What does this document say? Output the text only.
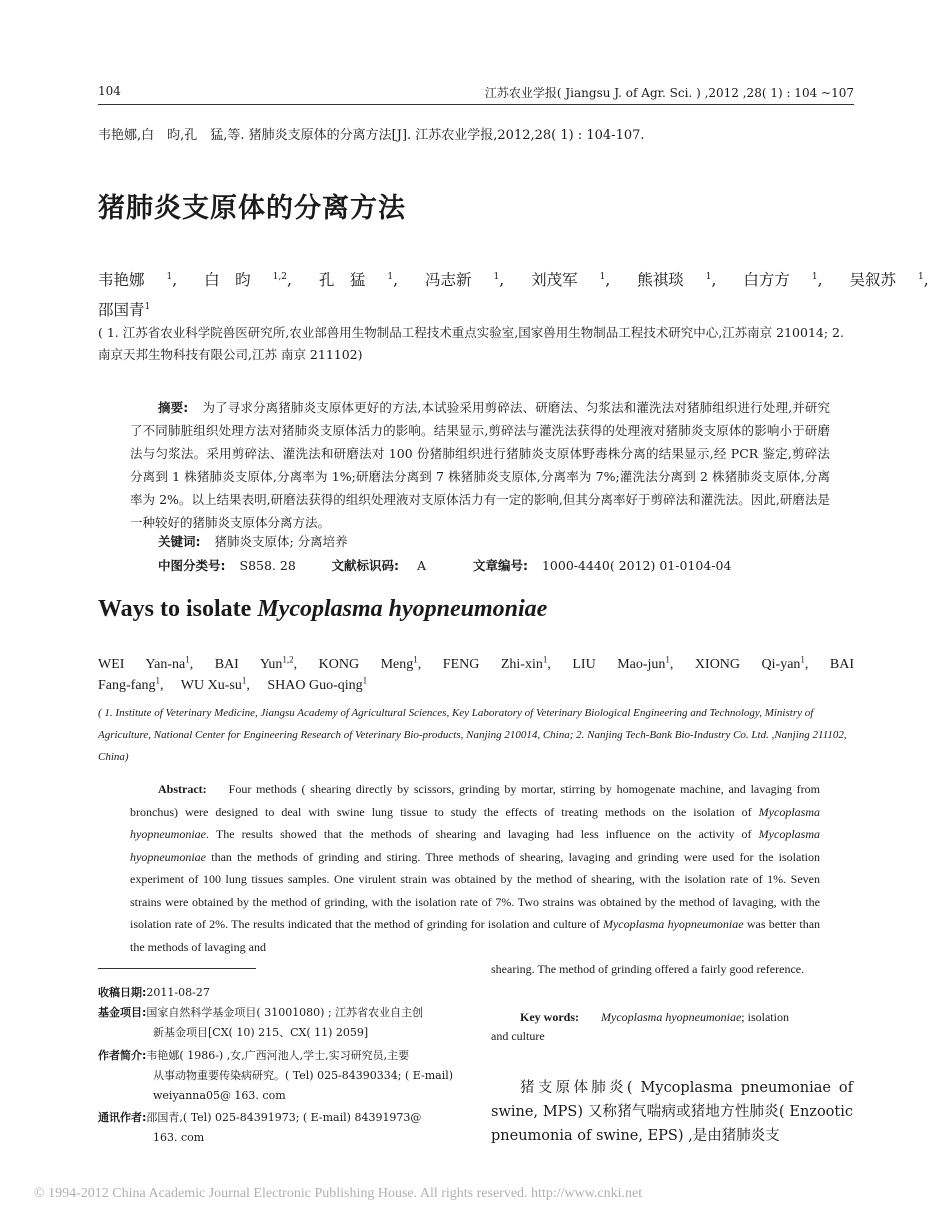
104	江苏农业学报( Jiangsu J. of Agr. Sci. ) ,2012 ,28( 1) : 104 ~107
韦艳娜,白　昀,孔　猛,等. 猪肺炎支原体的分离方法[J]. 江苏农业学报,2012,28( 1) : 104-107.
猪肺炎支原体的分离方法
韦艳娜 $^1$, 白　昀 $^{1,2}$, 孔　猛 $^1$, 冯志新 $^1$, 刘茂军 $^1$, 熊祺琰 $^1$, 白方方 $^1$, 吴叙苏 $^1$,
邵国青$^1$
( 1. 江苏省农业科学院兽医研究所,农业部兽用生物制品工程技术重点实验室,国家兽用生物制品工程技术研究中心,江苏南京 210014; 2. 南京天邦生物科技有限公司,江苏 南京 211102)
摘要: 为了寻求分离猪肺炎支原体更好的方法,本试验采用剪碎法、研磨法、匀浆法和灌洗法对猪肺组织进行处理,并研究了不同肺脏组织处理方法对猪肺炎支原体活力的影响。结果显示,剪碎法与灌洗法获得的处理液对猪肺炎支原体的影响小于研磨法与匀浆法。采用剪碎法、灌洗法和研磨法对 100 份猪肺组织进行猪肺炎支原体野毒株分离的结果显示,经 PCR 鉴定,剪碎法分离到 1 株猪肺炎支原体,分离率为 1%;研磨法分离到 7 株猪肺炎支原体,分离率为 7%;灌洗法分离到 2 株猪肺炎支原体,分离率为 2%。以上结果表明,研磨法获得的组织处理液对支原体活力有一定的影响,但其分离率好于剪碎法和灌洗法。因此,研磨法是一种较好的猪肺炎支原体分离方法。
关键词: 猪肺炎支原体; 分离培养
中图分类号: S858. 28	文献标识码: A	文章编号: 1000-4440( 2012) 01-0104-04
Ways to isolate Mycoplasma hyopneumoniae
WEI Yan-$na^1$, BAI Yun$^{1,2}$, KONG Meng$^1$, FENG Zhi-xin$^1$, LIU Mao-jun$^1$, XIONG Qi-yan$^1$, BAI
Fang-fang$^1$,     WU $Xu-su^1$,     SHAO Guo-qing$^1$
( 1. Institute of Veterinary Medicine, Jiangsu Academy of Agricultural Sciences, Key Laboratory of Veterinary Biological Engineering and Technology, Ministry of Agriculture, National Center for Engineering Research of Veterinary Bio-products, Nanjing 210014, China; 2. Nanjing Tech-Bank Bio-Industry Co. Ltd. ,Nanjing 211102, China)
Abstract: Four methods ( shearing directly by scissors, grinding by mortar, stirring by homogenate machine, and lavaging from bronchus) were designed to deal with swine lung tissue to study the effects of treating methods on the isolation of Mycoplasma hyopneumoniae. The results showed that the methods of shearing and lavaging had less influence on the activity of Mycoplasma hyopneumoniae than the methods of grinding and stiring. Three methods of shearing, lavaging and grinding were used for the isolation experiment of 100 lung tissues samples. One virulent strain was obtained by the method of shearing, with the isolation rate of 1%. Seven strains were obtained by the method of grinding, with the isolation rate of 7%. Two strains was obtained by the method of lavaging, with the isolation rate of 2%. The results indicated that the method of grinding for isolation and culture of Mycoplasma hyopneumoniae was better than the methods of lavaging and
shearing. The method of grinding offered a fairly good reference.
Key words: Mycoplasma hyopneumoniae; isolation
and culture
收稿日期:2011-08-27
基金项目:国家自然科学基金项目( 31001080) ; 江苏省农业自主创
新基金项目[CX( 10) 215、CX( 11) 2059]
作者简介:韦艳娜( 1986-) ,女,广西河池人,学士,实习研究员,主要
从事动物重要传染病研究。( Tel) 025-84390334; ( E-mail)
weiyanna05@ 163. com
通讯作者:邵国青,( Tel) 025-84391973; ( E-mail) 84391973@
163. com
猪支原体肺炎( Mycoplasma pneumoniae of swine, MPS) 又称猪气喘病或猪地方性肺炎( Enzootic pneumonia of swine, EPS) ,是由猪肺炎支
© 1994-2012 China Academic Journal Electronic Publishing House. All rights reserved. http://www.cnki.net
